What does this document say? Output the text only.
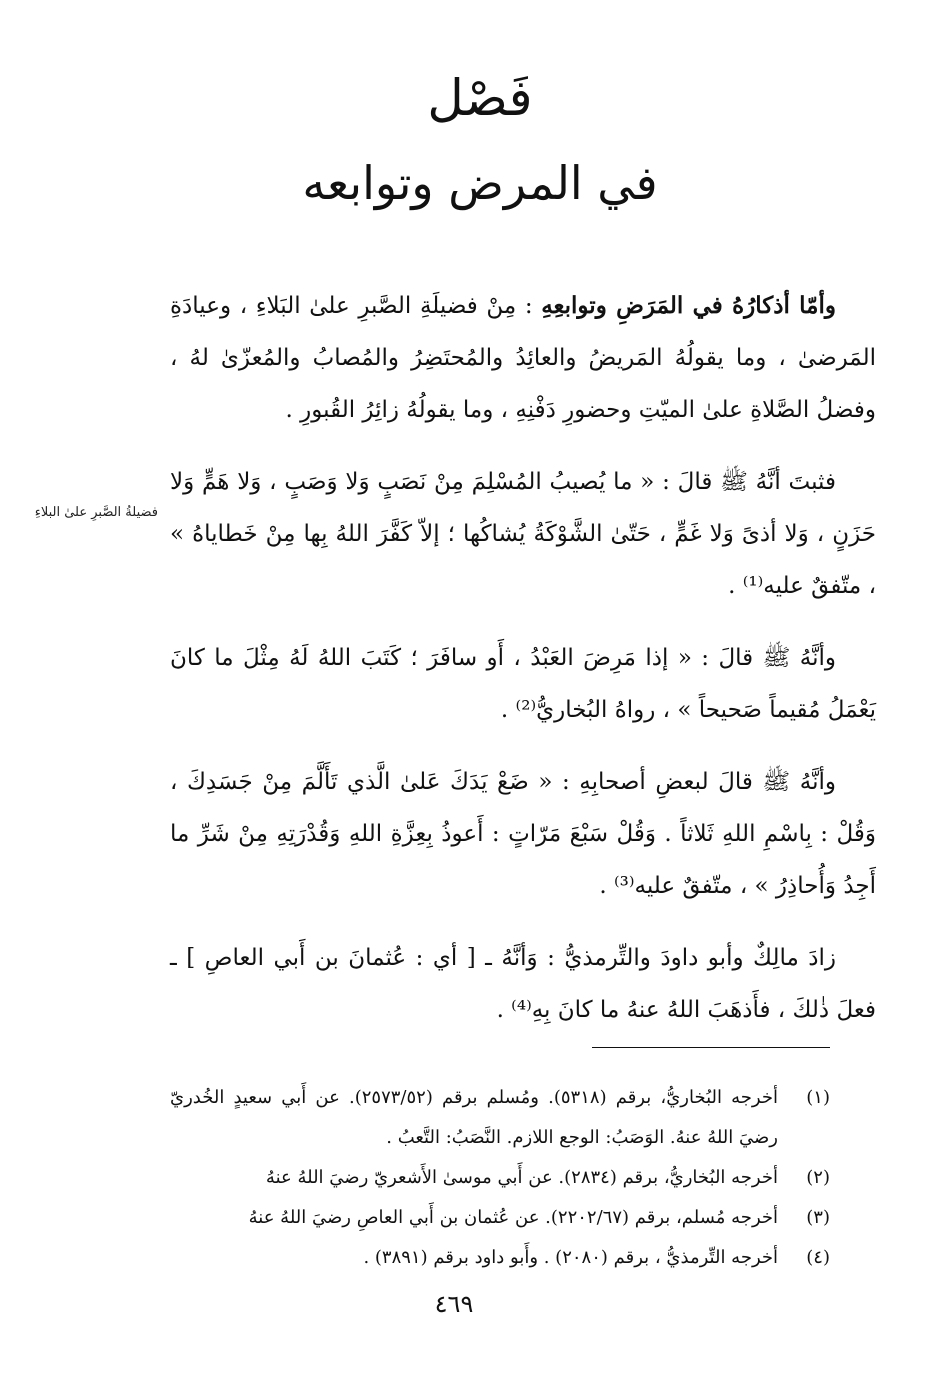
فَصْل
في المرض وتوابعه

وأمّا أذكارُهُ في المَرَضِ وتوابعِهِ : مِنْ فضيلَةِ الصَّبرِ علىٰ البَلاءِ ، وعيادَةِ المَرضىٰ ، وما يقولُهُ المَريضُ والعائِدُ والمُحتَضِرُ والمُصابُ والمُعزّىٰ لهُ ، وفضلُ الصَّلاةِ علىٰ الميّتِ وحضورِ دَفْنِهِ ، وما يقولُهُ زائِرُ القُبورِ .

فثبتَ أنَّهُ ﷺ قالَ : « ما يُصيبُ المُسْلِمَ مِنْ نَصَبٍ وَلا وَصَبٍ ، وَلا هَمٍّ وَلا حَزَنٍ ، وَلا أذىً وَلا غَمٍّ ، حَتّىٰ الشَّوْكَةُ يُشاكُها ؛ إلاّ كَفَّرَ اللهُ بِها مِنْ خَطاياهُ » ، متّفقٌ عليه⁽¹⁾ .

وأنَّهُ ﷺ قالَ : « إذا مَرِضَ العَبْدُ ، أَو سافَرَ ؛ كَتَبَ اللهُ لَهُ مِثْلَ ما كانَ يَعْمَلُ مُقيماً صَحيحاً » ، رواهُ البُخاريُّ⁽²⁾ .

وأنَّهُ ﷺ قالَ لبعضِ أصحابِهِ : « ضَعْ يَدَكَ عَلىٰ الَّذي تَأَلَّمَ مِنْ جَسَدِكَ ، وَقُلْ : بِاسْمِ اللهِ ثَلاثاً . وَقُلْ سَبْعَ مَرّاتٍ : أَعوذُ بِعِزَّةِ اللهِ وَقُدْرَتِهِ مِنْ شَرِّ ما أَجِدُ وَأُحاذِرُ » ، متّفقٌ عليه⁽³⁾ .

زادَ مالِكٌ وأبو داودَ والتِّرمذيُّ : وَأنَّهُ ـ [ أي : عُثمانَ بن أَبي العاصِ ] ـ فعلَ ذٰلكَ ، فأَذهَبَ اللهُ عنهُ ما كانَ بِهِ⁽⁴⁾ .

فضيلةُ الصَّبرِ علىٰ البلاءِ
(١)
أخرجه البُخاريُّ، برقم (٥٣١٨). ومُسلم برقم (٢٥٧٣/٥٢). عن أَبي سعيدٍ الخُدريّ رضيَ اللهُ عنهُ. الوَصَبُ: الوجع اللازم. النَّصَبُ: التَّعبُ .
(٢)
أخرجه البُخاريُّ، برقم (٢٨٣٤). عن أَبي موسىٰ الأَشعريّ رضيَ اللهُ عنهُ
(٣)
أخرجه مُسلم، برقم (٢٢٠٢/٦٧). عن عُثمان بن أَبي العاصِ رضيَ اللهُ عنهُ
(٤)
أخرجه التِّرمذيُّ ، برقم (٢٠٨٠) . وأَبو داود برقم (٣٨٩١) .
٤٦٩
